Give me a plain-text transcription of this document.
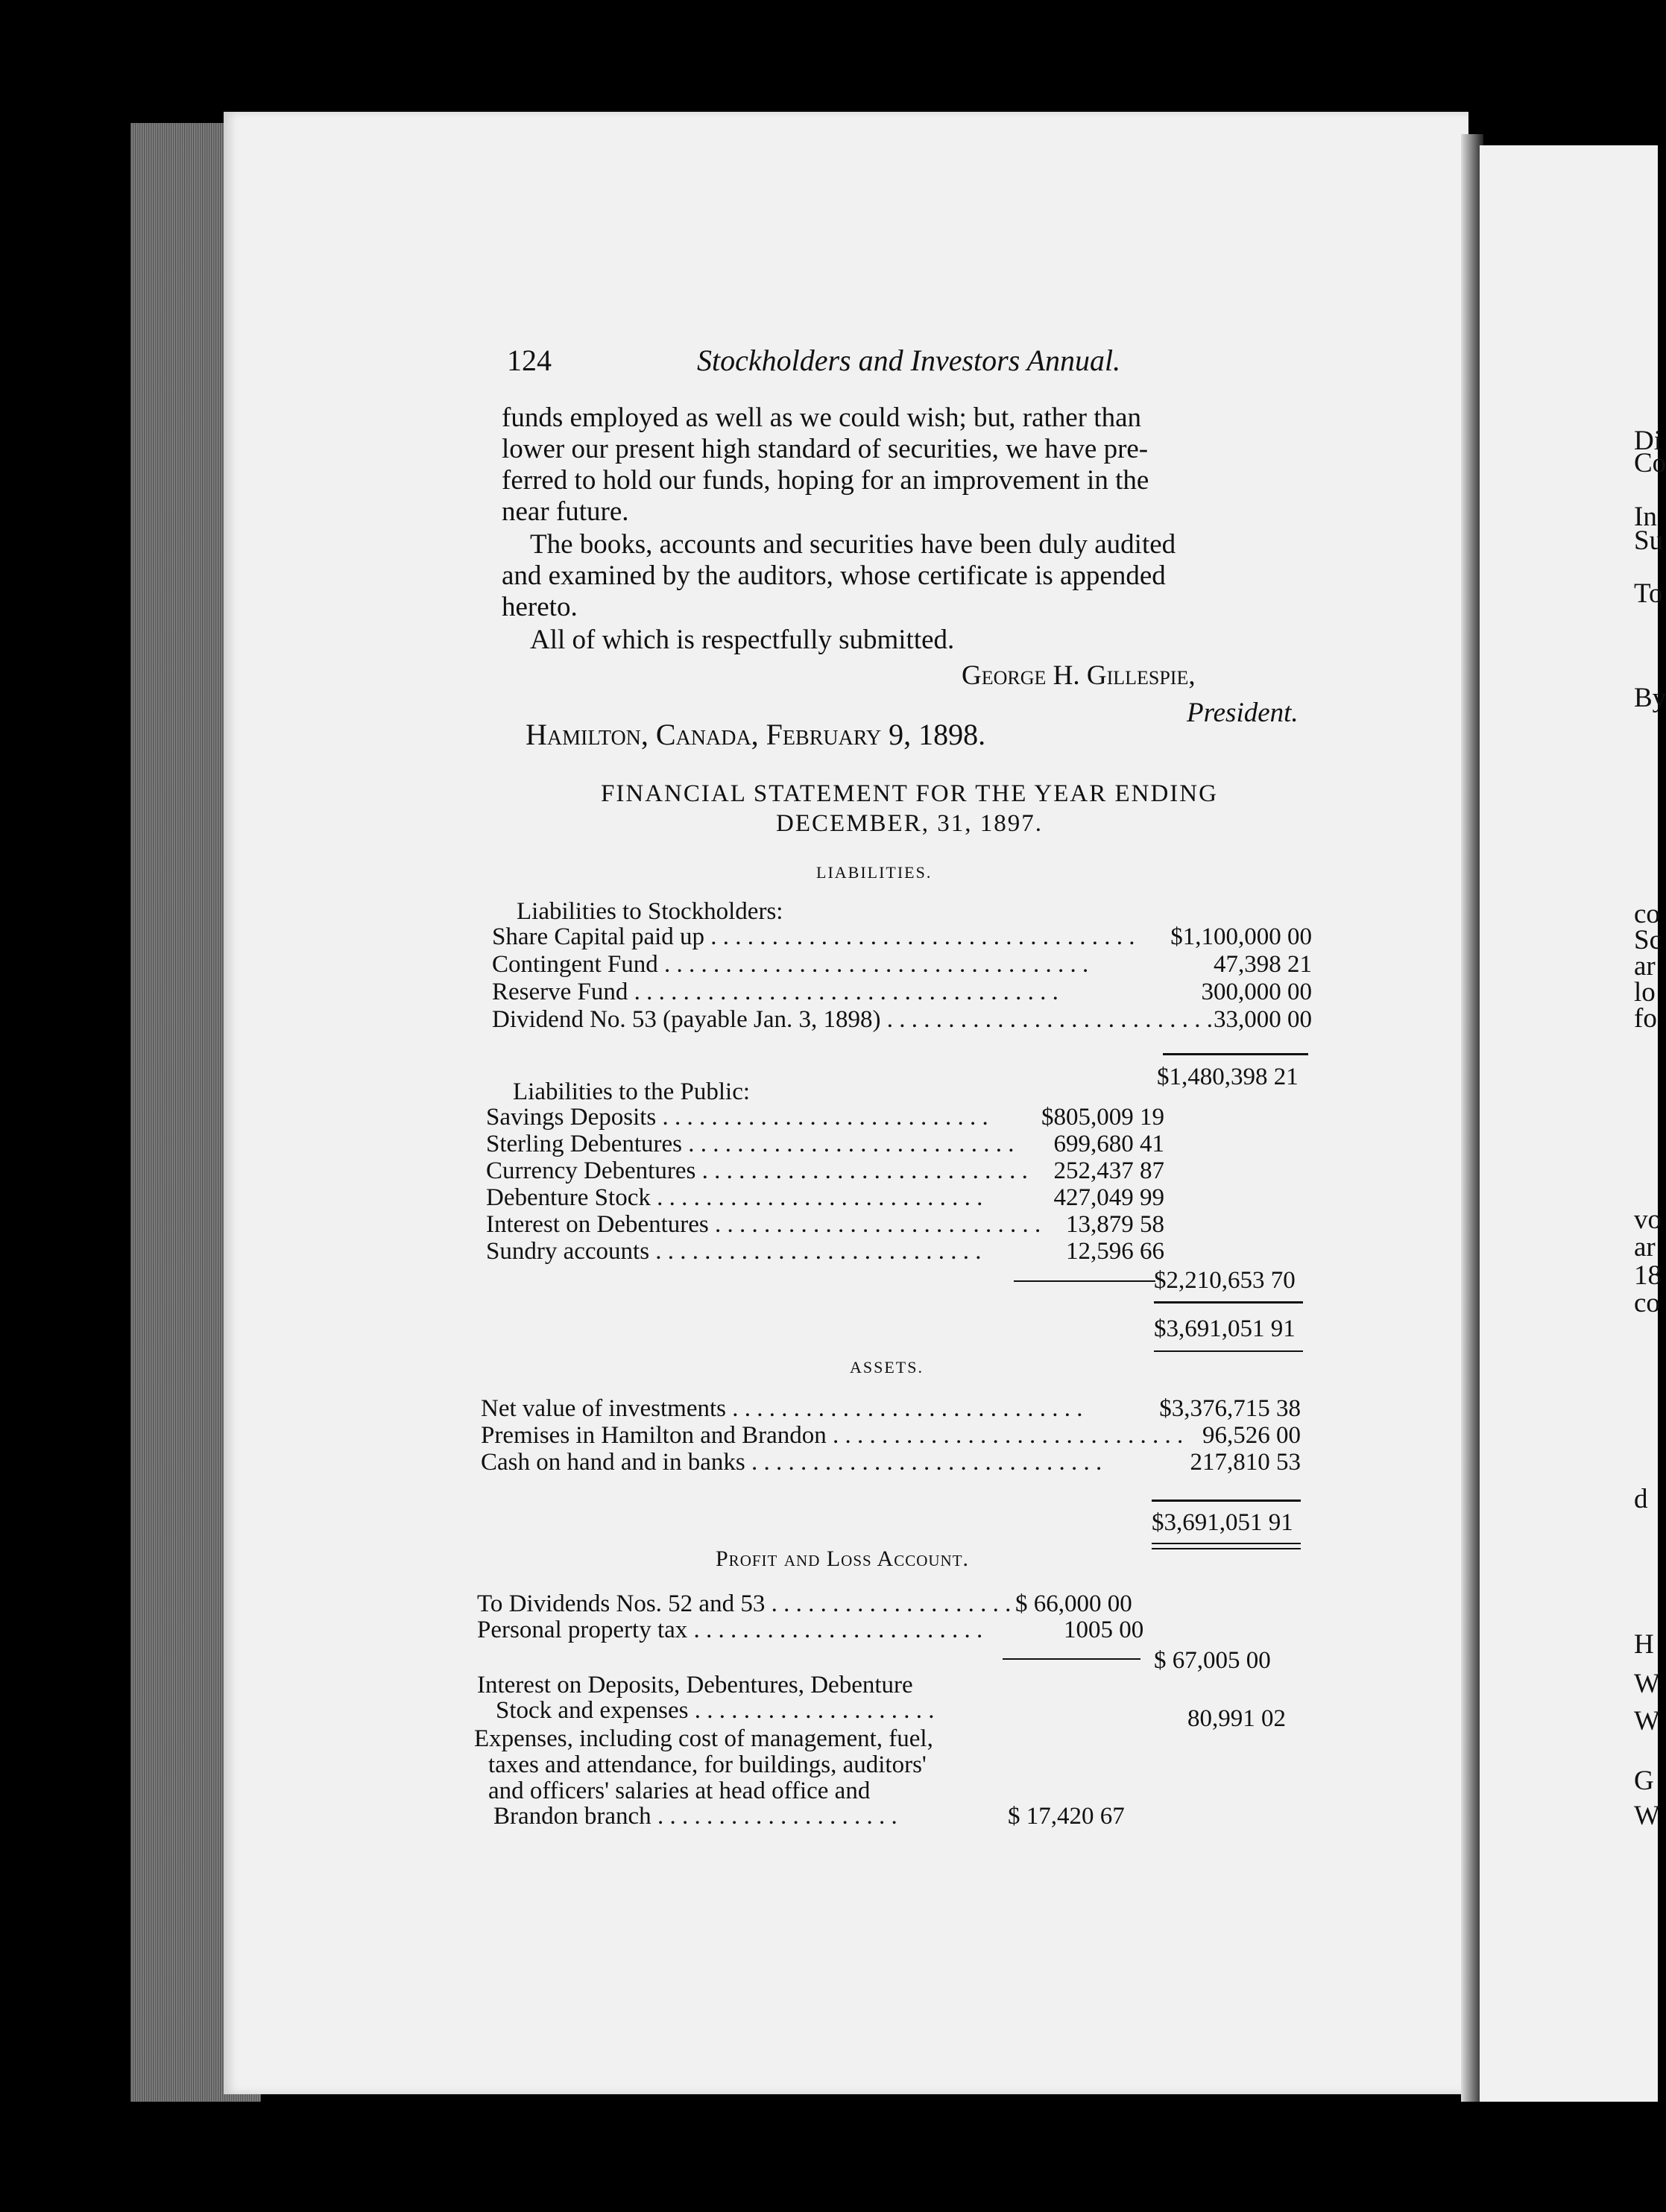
124	Stockholders and Investors Annual.

funds employed as well as we could wish; but, rather than

lower our present high standard of securities, we have pre-

ferred to hold our funds, hoping for an improvement in the

near future.

The books, accounts and securities have been duly audited

and examined by the auditors, whose certificate is appended

hereto.

All of which is respectfully submitted.

George H. Gillespie,
President.
Hamilton, Canada, February 9, 1898.
FINANCIAL STATEMENT FOR THE YEAR ENDING
DECEMBER, 31, 1897.
LIABILITIES.
Liabilities to Stockholders:
Share Capital paid up . . . . . . . . . . . . . . . . . . . . . . . . . . . . . . . . . . .	$1,100,000 00
Contingent Fund . . . . . . . . . . . . . . . . . . . . . . . . . . . . . . . . . . .	47,398 21
Reserve Fund . . . . . . . . . . . . . . . . . . . . . . . . . . . . . . . . . . .	300,000 00
Dividend No. 53 (payable Jan. 3, 1898) . . . . . . . . . . . . . . . . . . . . . . . . . . . 33,000 00
$1,480,398 21
Liabilities to the Public:
Savings Deposits . . . . . . . . . . . . . . . . . . . . . . . . . . .	$805,009 19
Sterling Debentures . . . . . . . . . . . . . . . . . . . . . . . . . . .	699,680 41
Currency Debentures . . . . . . . . . . . . . . . . . . . . . . . . . . . 252,437 87
Debenture Stock . . . . . . . . . . . . . . . . . . . . . . . . . . .	427,049 99
Interest on Debentures . . . . . . . . . . . . . . . . . . . . . . . . . . . 13,879 58
Sundry accounts . . . . . . . . . . . . . . . . . . . . . . . . . . .	12,596 66
$2,210,653 70
$3,691,051 91
ASSETS.
Net value of investments . . . . . . . . . . . . . . . . . . . . . . . . . . . . .	$3,376,715 38
Premises in Hamilton and Brandon . . . . . . . . . . . . . . . . . . . . . . . . . . . . . 96,526 00
Cash on hand and in banks . . . . . . . . . . . . . . . . . . . . . . . . . . . . .	217,810 53
$3,691,051 91
Profit and Loss Account.
To Dividends Nos. 52 and 53 . . . . . . . . . . . . . . . . . . . . $ 66,000 00
Personal property tax . . . . . . . . . . . . . . . . . . . . . . . .	1005 00
$ 67,005 00
Interest on Deposits, Debentures, Debenture
Stock and expenses . . . . . . . . . . . . . . . . . . . .	80,991 02
Expenses, including cost of management, fuel,
taxes and attendance, for buildings, auditors'
and officers' salaries at head office and
Brandon branch . . . . . . . . . . . . . . . . . . . .	$ 17,420 67
Di
Co
In
Su
To
By
co
Sc
ar
lo
fo
vo
ar
18
co
d
H
W
W
G
W
